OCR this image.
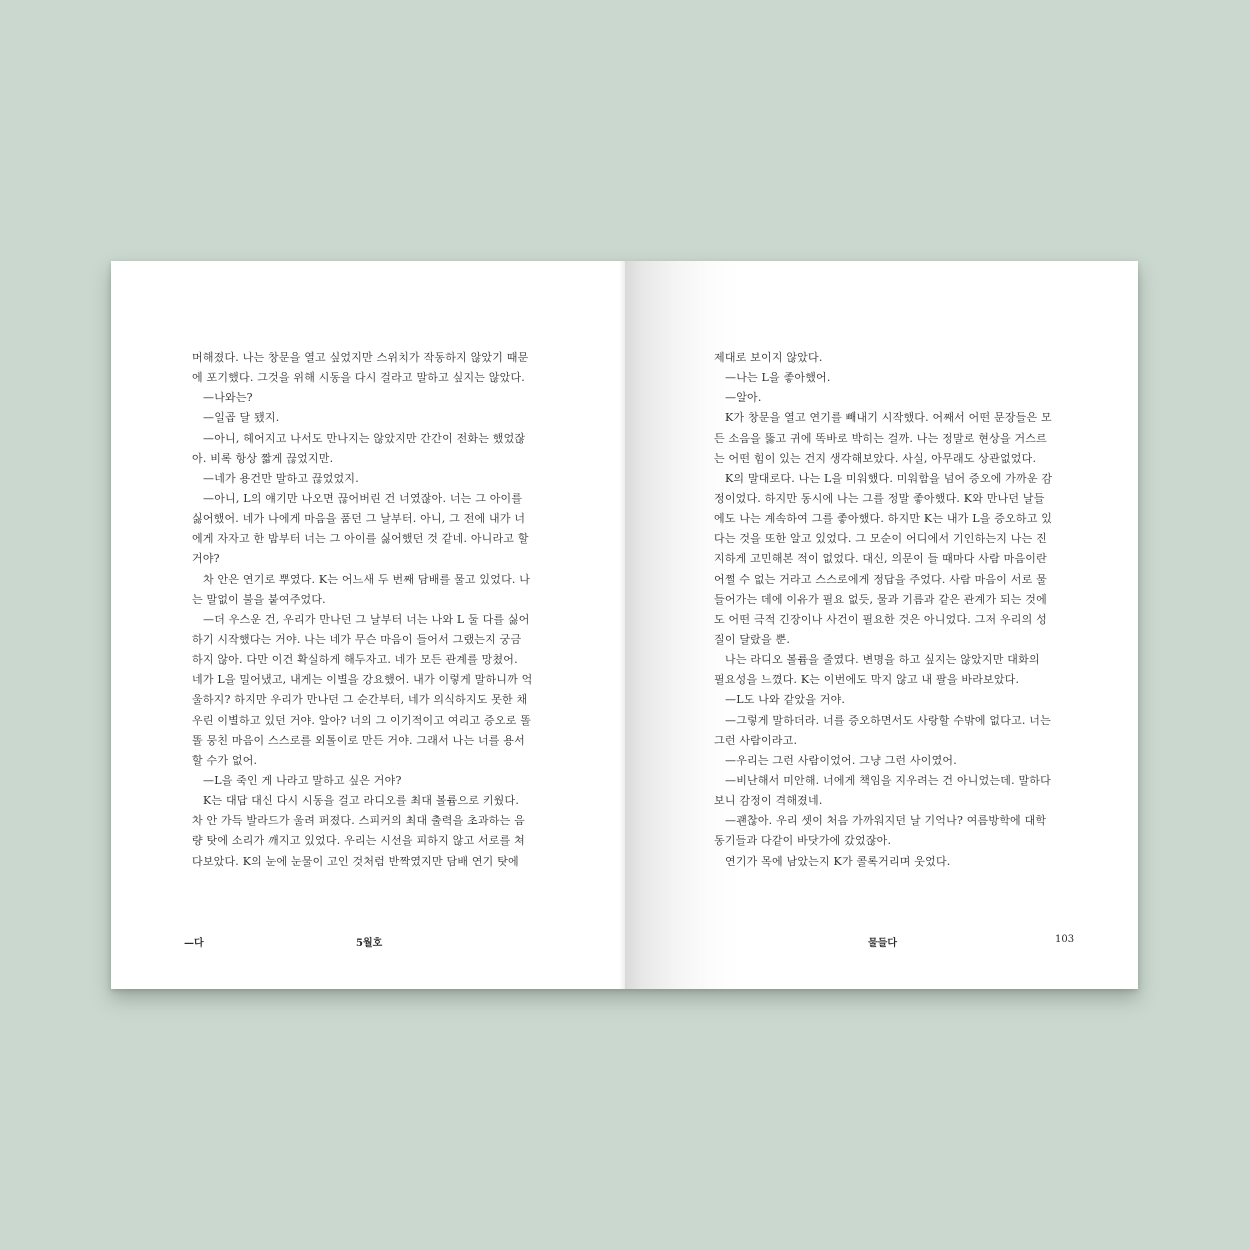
머해졌다. 나는 창문을 열고 싶었지만 스위치가 작동하지 않았기 때문
에 포기했다. 그것을 위해 시동을 다시 걸라고 말하고 싶지는 않았다.
—나와는?
—일곱 달 됐지.
—아니, 헤어지고 나서도 만나지는 않았지만 간간이 전화는 했었잖
아. 비록 항상 짧게 끊었지만.
—네가 용건만 말하고 끊었었지.
—아니, L의 얘기만 나오면 끊어버린 건 너였잖아. 너는 그 아이를
싫어했어. 네가 나에게 마음을 품던 그 날부터. 아니, 그 전에 내가 너
에게 자자고 한 밤부터 너는 그 아이를 싫어했던 것 같네. 아니라고 할
거야?
차 안은 연기로 뿌였다. K는 어느새 두 번째 담배를 물고 있었다. 나
는 말없이 불을 붙여주었다.
—더 우스운 건, 우리가 만나던 그 날부터 너는 나와 L 둘 다를 싫어
하기 시작했다는 거야. 나는 네가 무슨 마음이 들어서 그랬는지 궁금
하지 않아. 다만 이건 확실하게 해두자고. 네가 모든 관계를 망쳤어.
네가 L을 밀어냈고, 내게는 이별을 강요했어. 내가 이렇게 말하니까 억
울하지? 하지만 우리가 만나던 그 순간부터, 네가 의식하지도 못한 채
우린 이별하고 있던 거야. 알아? 너의 그 이기적이고 여리고 증오로 똘
똘 뭉친 마음이 스스로를 외톨이로 만든 거야. 그래서 나는 너를 용서
할 수가 없어.
—L을 죽인 게 나라고 말하고 싶은 거야?
K는 대답 대신 다시 시동을 걸고 라디오를 최대 볼륨으로 키웠다.
차 안 가득 발라드가 울려 퍼졌다. 스피커의 최대 출력을 초과하는 음
량 탓에 소리가 깨지고 있었다. 우리는 시선을 피하지 않고 서로를 쳐
다보았다. K의 눈에 눈물이 고인 것처럼 반짝였지만 담배 연기 탓에
—다	5월호
제대로 보이지 않았다.
—나는 L을 좋아했어.
—알아.
K가 창문을 열고 연기를 빼내기 시작했다. 어째서 어떤 문장들은 모
든 소음을 뚫고 귀에 똑바로 박히는 걸까. 나는 정말로 현상을 거스르
는 어떤 힘이 있는 건지 생각해보았다. 사실, 아무래도 상관없었다.
K의 말대로다. 나는 L을 미워했다. 미워함을 넘어 증오에 가까운 감
정이었다. 하지만 동시에 나는 그를 정말 좋아했다. K와 만나던 날들
에도 나는 계속하여 그를 좋아했다. 하지만 K는 내가 L을 증오하고 있
다는 것을 또한 알고 있었다. 그 모순이 어디에서 기인하는지 나는 진
지하게 고민해본 적이 없었다. 대신, 의문이 들 때마다 사람 마음이란
어쩔 수 없는 거라고 스스로에게 정답을 주었다. 사람 마음이 서로 물
들어가는 데에 이유가 필요 없듯, 물과 기름과 같은 관계가 되는 것에
도 어떤 극적 긴장이나 사건이 필요한 것은 아니었다. 그저 우리의 성
질이 달랐을 뿐.
나는 라디오 볼륨을 줄였다. 변명을 하고 싶지는 않았지만 대화의
필요성을 느꼈다. K는 이번에도 막지 않고 내 팔을 바라보았다.
—L도 나와 같았을 거야.
—그렇게 말하더라. 너를 증오하면서도 사랑할 수밖에 없다고. 너는
그런 사람이라고.
—우리는 그런 사람이었어. 그냥 그런 사이였어.
—비난해서 미안해. 너에게 책임을 지우려는 건 아니었는데. 말하다
보니 감정이 격해졌네.
—괜찮아. 우리 셋이 처음 가까워지던 날 기억나? 여름방학에 대학
동기들과 다같이 바닷가에 갔었잖아.
연기가 목에 남았는지 K가 콜록거리며 웃었다.
물들다	103
